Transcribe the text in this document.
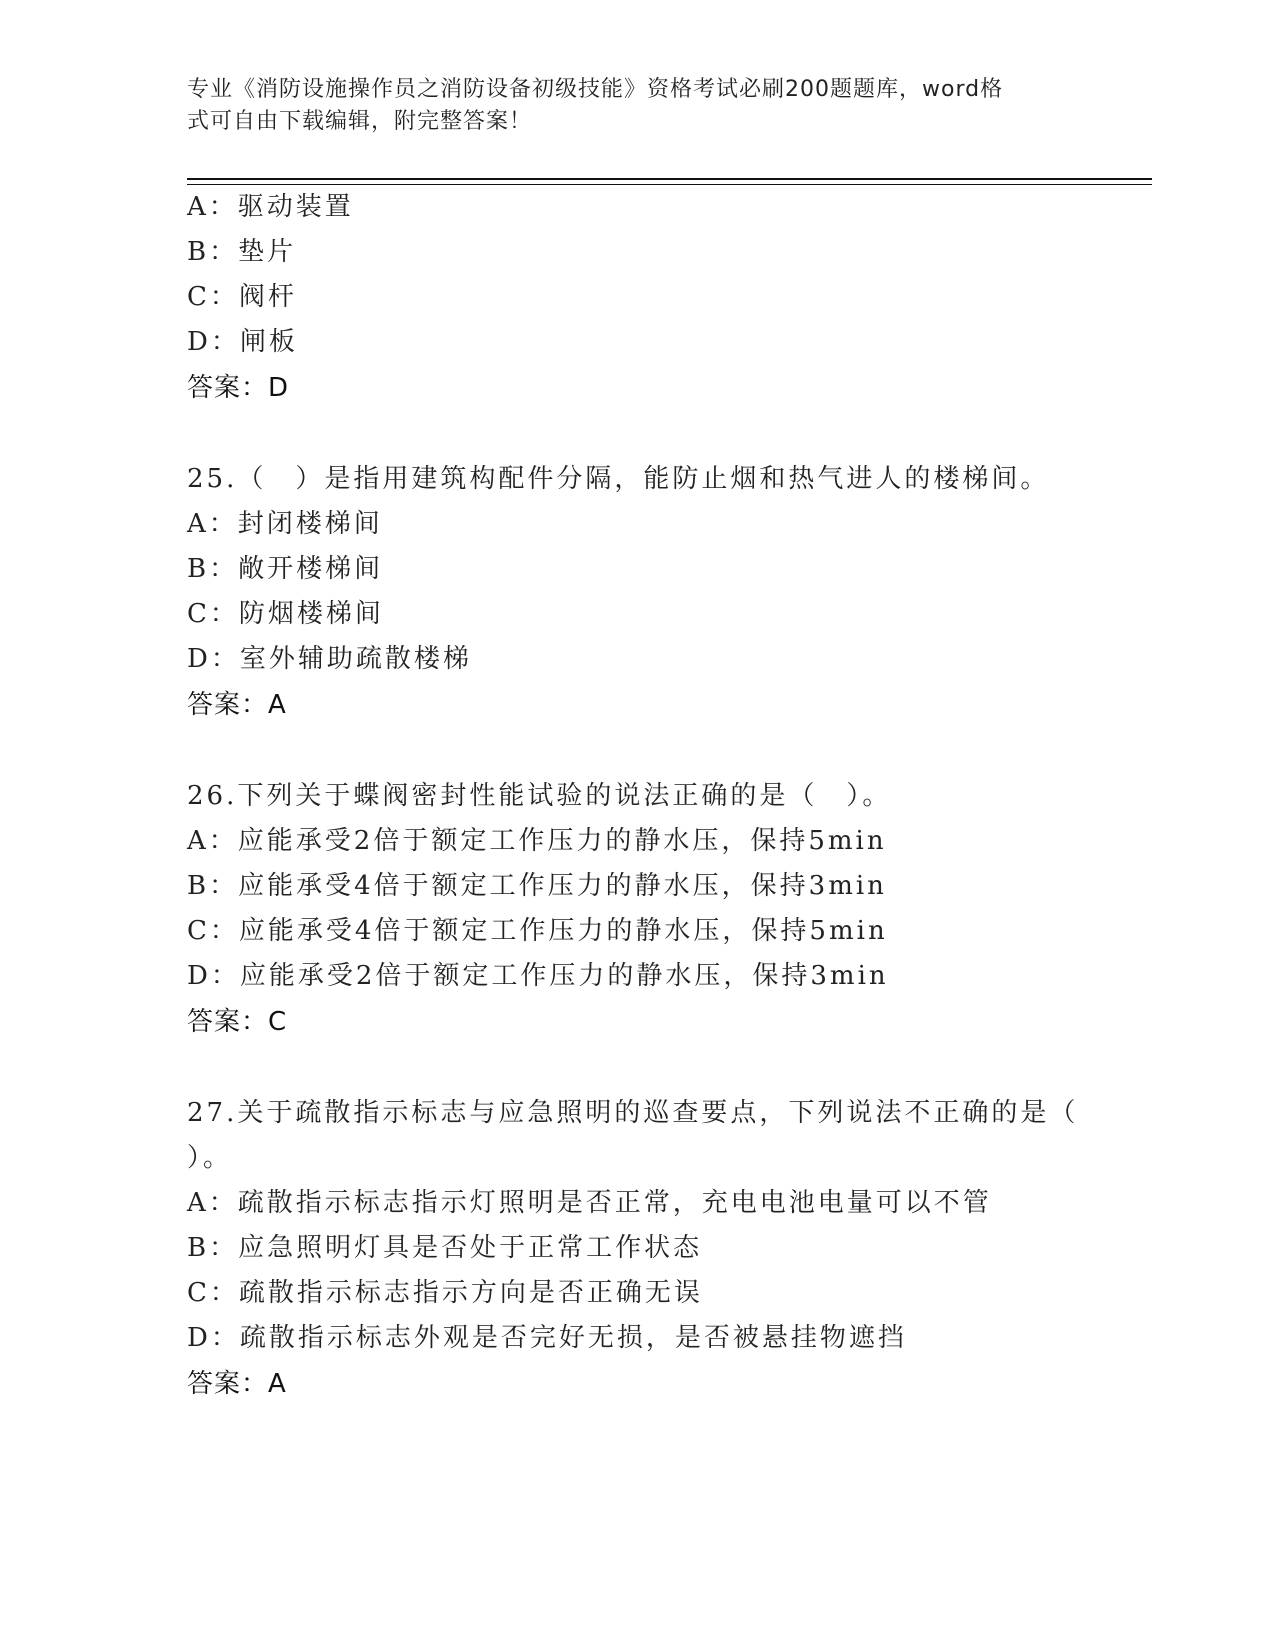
专业《消防设施操作员之消防设备初级技能》资格考试必刷200题题库，word格
式可自由下载编辑，附完整答案！
A：驱动装置
B：垫片
C：阀杆
D：闸板
答案：D
25.（　）是指用建筑构配件分隔，能防止烟和热气进人的楼梯间。
A：封闭楼梯间
B：敞开楼梯间
C：防烟楼梯间
D：室外辅助疏散楼梯
答案：A
26.下列关于蝶阀密封性能试验的说法正确的是（　）。
A：应能承受2倍于额定工作压力的静水压，保持5min
B：应能承受4倍于额定工作压力的静水压，保持3min
C：应能承受4倍于额定工作压力的静水压，保持5min
D：应能承受2倍于额定工作压力的静水压，保持3min
答案：C
27.关于疏散指示标志与应急照明的巡查要点，下列说法不正确的是（
）。
A：疏散指示标志指示灯照明是否正常，充电电池电量可以不管
B：应急照明灯具是否处于正常工作状态
C：疏散指示标志指示方向是否正确无误
D：疏散指示标志外观是否完好无损，是否被悬挂物遮挡
答案：A
